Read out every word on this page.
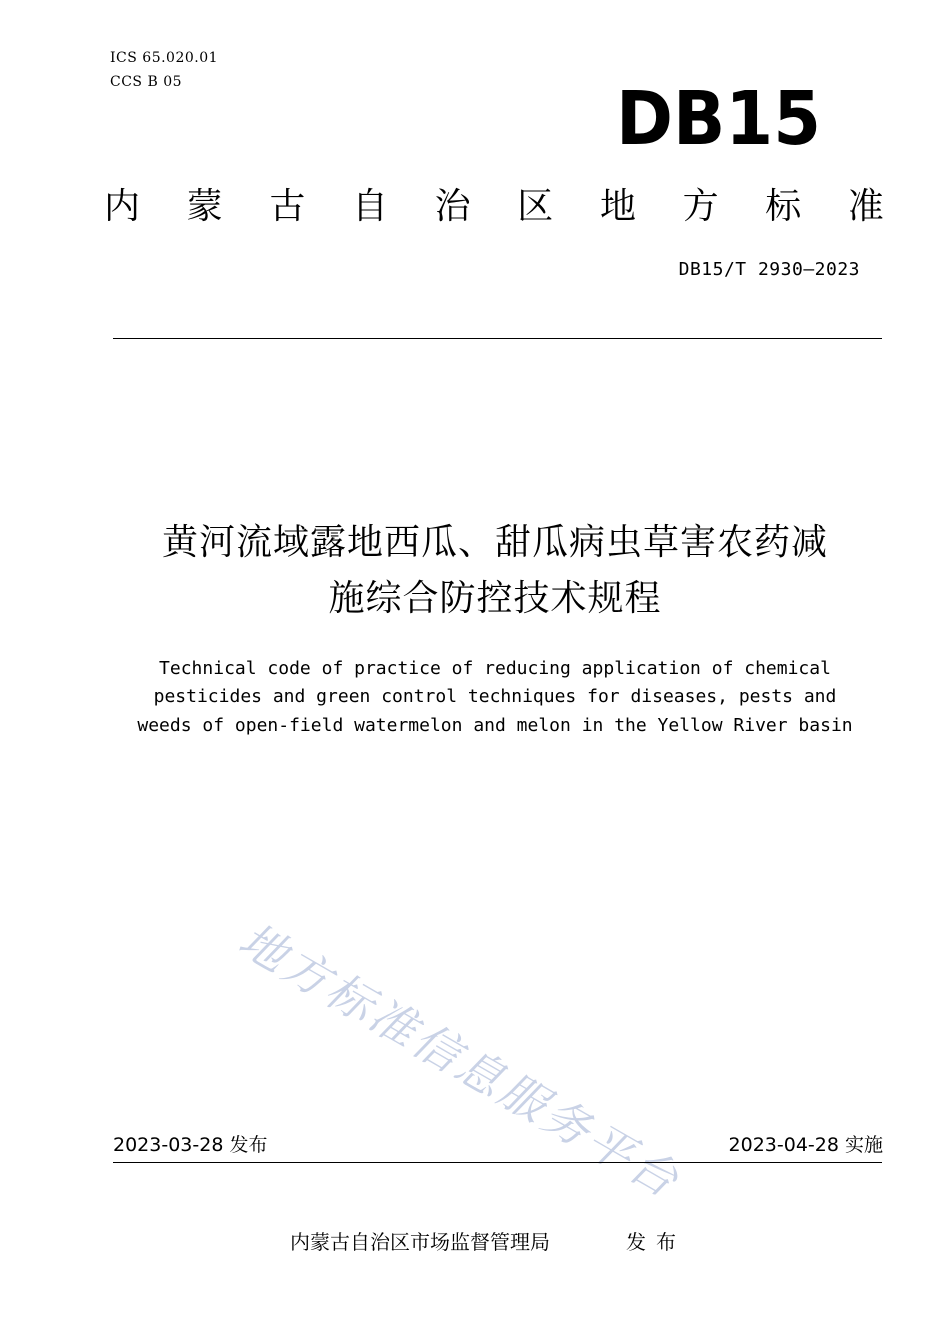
ICS 65.020.01
CCS B 05	DB15
内 蒙 古 自 治 区 地 方 标 准
DB15/T 2930—2023
黄河流域露地西瓜、甜瓜病虫草害农药减
施综合防控技术规程
Technical code of practice of reducing application of chemical
pesticides and green control techniques for diseases, pests and
weeds of open-field watermelon and melon in the Yellow River basin
地方标准信息服务平台
2023-03-28 发布	2023-04-28 实施
内蒙古自治区市场监督管理局	发布
